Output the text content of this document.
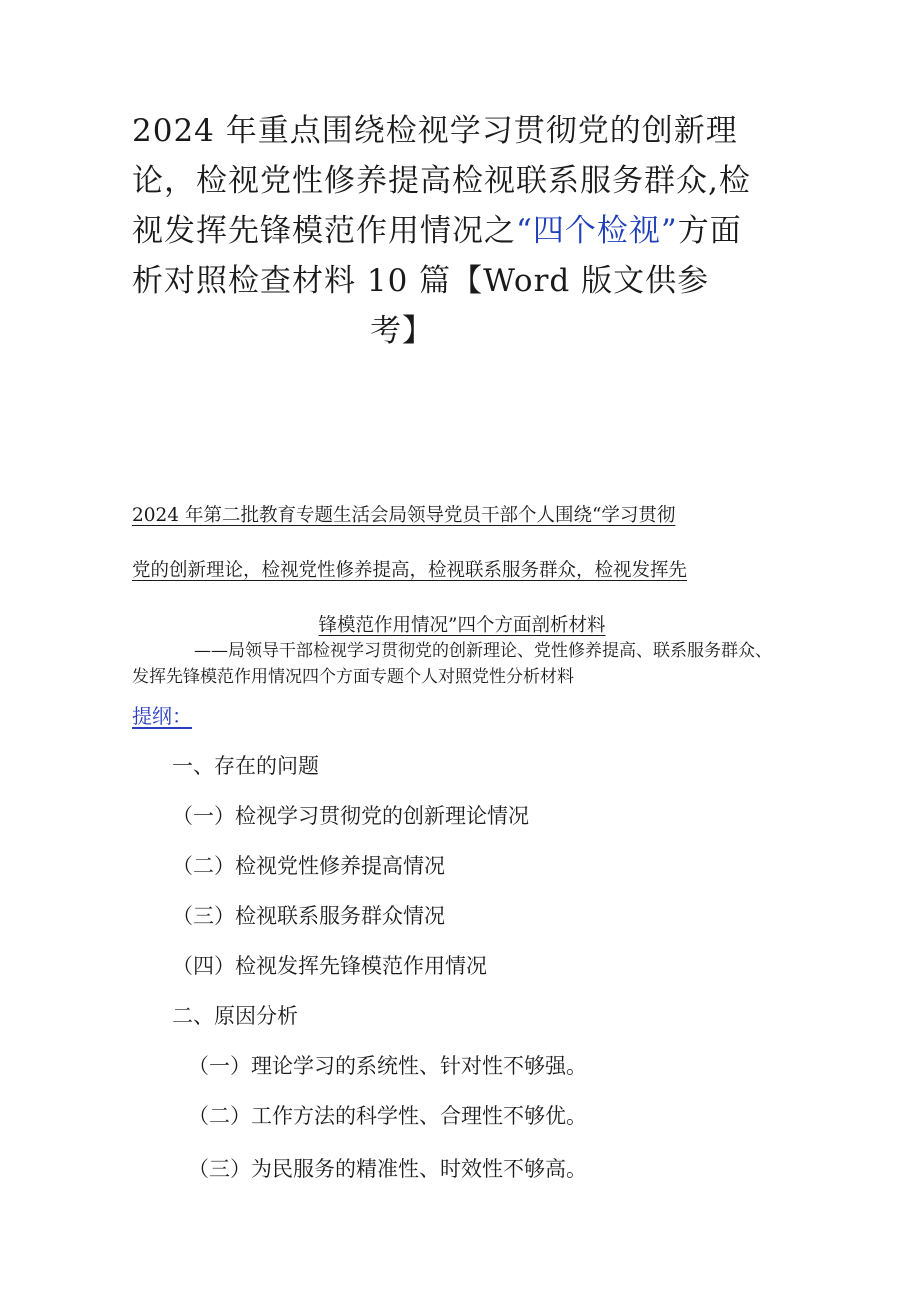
2024 年重点围绕检视学习贯彻党的创新理
论，检视党性修养提高检视联系服务群众,检
视发挥先锋模范作用情况之“四个检视”方面
析对照检查材料 10 篇【Word 版文供参
考】
2024 年第二批教育专题生活会局领导党员干部个人围绕“学习贯彻
党的创新理论，检视党性修养提高，检视联系服务群众，检视发挥先
锋模范作用情况”四个方面剖析材料
——局领导干部检视学习贯彻党的创新理论、党性修养提高、联系服务群众、
发挥先锋模范作用情况四个方面专题个人对照党性分析材料
提纲：
一、存在的问题
（一）检视学习贯彻党的创新理论情况
（二）检视党性修养提高情况
（三）检视联系服务群众情况
（四）检视发挥先锋模范作用情况
二、原因分析
（一）理论学习的系统性、针对性不够强。
（二）工作方法的科学性、合理性不够优。
（三）为民服务的精准性、时效性不够高。
